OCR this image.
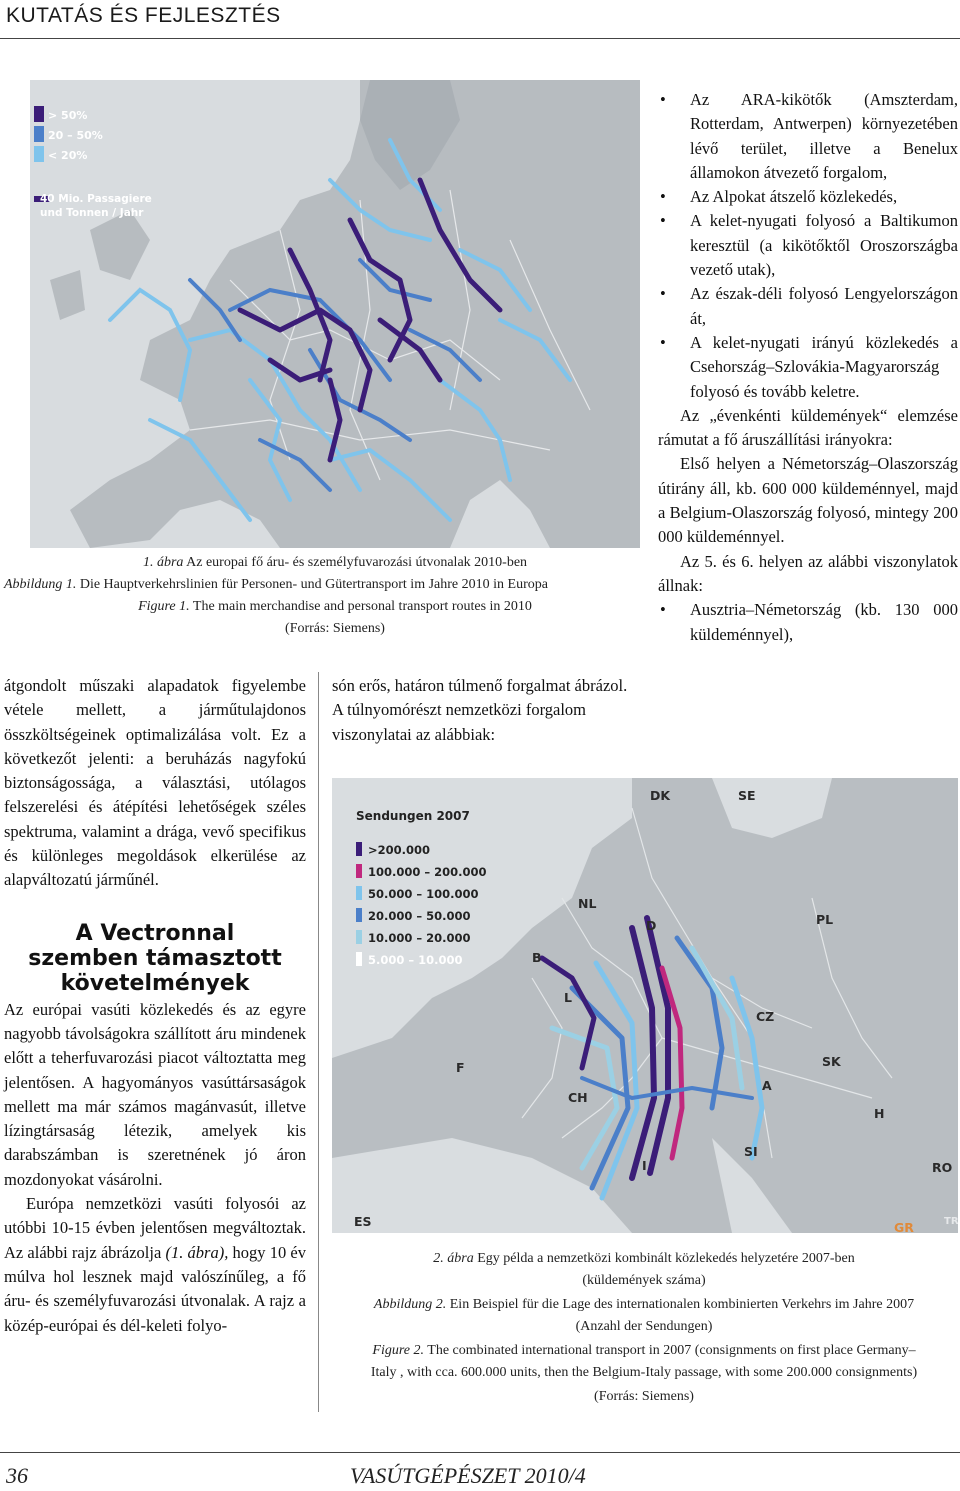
KUTATÁS ÉS FEJLESZTÉS
> 50%
20 – 50%
< 20%
40 Mio. Passagiere
und Tonnen / Jahr
1. ábra Az europai fő áru- és személyfuvarozási útvonalak 2010-ben
Abbildung 1. Die Hauptverkehrslinien für Personen- und Gütertransport im Jahre 2010 in Europa
Figure 1. The main merchandise and personal transport routes in 2010
(Forrás: Siemens)

átgondolt műszaki alapadatok figyelembe vétele mellett, a járműtulajdonos összköltségeinek optimalizálása volt. Ez a következőt jelenti: a beruházás nagyfokú biztonságossága, a választási, utólagos felszerelési és átépítési lehetőségek széles spektruma, valamint a drága, vevő specifikus és különleges megoldások elkerülése az alapváltozatú járműnél.

A Vectronnal
szemben támasztott
követelmények

Az európai vasúti közlekedés és az egyre nagyobb távolságokra szállított áru mindenek előtt a teherfuvarozási piacot változtatta meg jelentősen. A hagyományos vasúttársaságok mellett ma már számos magánvasút, illetve lízingtársaság létezik, amelyek kis darabszámban is szeretnének jó áron mozdonyokat vásárolni.

Európa nemzetközi vasúti folyosói az utóbbi 10-15 évben jelentősen megváltoztak. Az alábbi rajz ábrázolja (1. ábra), hogy 10 év múlva hol lesznek majd valószínűleg, a fő áru- és személyfuvarozási útvonalak. A rajz a közép-európai és dél-keleti folyo-

són erős, határon túlmenő forgalmat ábrázol. A túlnyomórészt nemzetközi forgalom viszonylatai az alábbiak:

• Az ARA-kikötők (Amszterdam, Rotterdam, Antwerpen) környezetében lévő terület, illetve a Benelux államokon átvezető forgalom,
• Az Alpokat átszelő közlekedés,
• A kelet-nyugati folyosó a Baltikumon keresztül (a kikötőktől Oroszországba vezető utak),
• Az észak-déli folyosó Lengyelországon át,
• A kelet-nyugati irányú közlekedés a Csehország–Szlovákia-Magyarország folyosó és tovább keletre.

Az „évenkénti küldemények“ elemzése rámutat a fő áruszállítási irányokra:

Első helyen a Németország–Olaszország útirány áll, kb. 600 000 küldeménnyel, majd a Belgium-Olaszország folyosó, mintegy 200 000 küldeménnyel.

Az 5. és 6. helyen az alábbi viszonylatok állnak:

• Ausztria–Németország (kb. 130 000 küldeménnyel),
Sendungen 2007
>200.000
100.000 – 200.000
50.000 – 100.000
20.000 – 50.000
10.000 – 20.000
5.000 – 10.000
DK	SE
NL
D	PL
B
L
CZ
F	SK
CH
A
H
SI
I	RO
ES	GR	TR
2. ábra Egy példa a nemzetközi kombinált közlekedés helyzetére 2007-ben
(küldemények száma)
Abbildung 2. Ein Beispiel für die Lage des internationalen kombinierten Verkehrs im Jahre 2007
(Anzahl der Sendungen)
Figure 2. The combinated international transport in 2007 (consignments on first place Germany–
Italy , with cca. 600.000 units, then the Belgium-Italy passage, with some 200.000 consignments)
(Forrás: Siemens)
36	VASÚTGÉPÉSZET 2010/4
